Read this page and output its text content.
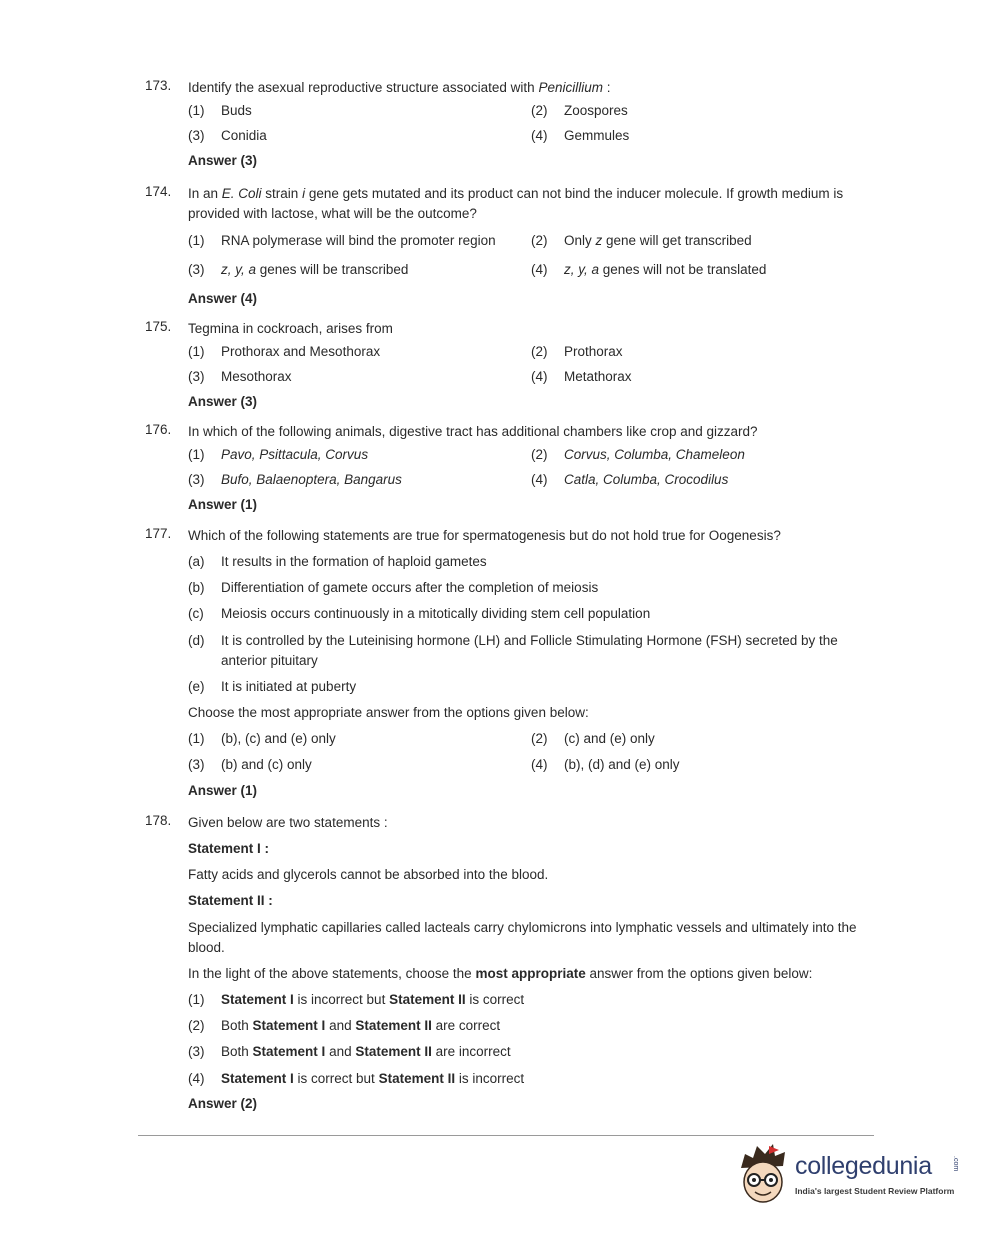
173. Identify the asexual reproductive structure associated with Penicillium :
(1) Buds	(2) Zoospores
(3) Conidia	(4) Gemmules
Answer (3)
174. In an E. Coli strain i gene gets mutated and its product can not bind the inducer molecule. If growth medium is provided with lactose, what will be the outcome?
(1) RNA polymerase will bind the promoter region	(2) Only z gene will get transcribed
(3) z, y, a genes will be transcribed	(4) z, y, a genes will not be translated
Answer (4)
175. Tegmina in cockroach, arises from
(1) Prothorax and Mesothorax	(2) Prothorax
(3) Mesothorax	(4) Metathorax
Answer (3)
176. In which of the following animals, digestive tract has additional chambers like crop and gizzard?
(1) Pavo, Psittacula, Corvus	(2) Corvus, Columba, Chameleon
(3) Bufo, Balaenoptera, Bangarus	(4) Catla, Columba, Crocodilus
Answer (1)
177. Which of the following statements are true for spermatogenesis but do not hold true for Oogenesis?
(a) It results in the formation of haploid gametes
(b) Differentiation of gamete occurs after the completion of meiosis
(c) Meiosis occurs continuously in a mitotically dividing stem cell population
(d) It is controlled by the Luteinising hormone (LH) and Follicle Stimulating Hormone (FSH) secreted by the anterior pituitary
(e) It is initiated at puberty
Choose the most appropriate answer from the options given below:
(1) (b), (c) and (e) only	(2) (c) and (e) only
(3) (b) and (c) only	(4) (b), (d) and (e) only
Answer (1)
178. Given below are two statements :
Statement I :
Fatty acids and glycerols cannot be absorbed into the blood.
Statement II :
Specialized lymphatic capillaries called lacteals carry chylomicrons into lymphatic vessels and ultimately into the blood.
In the light of the above statements, choose the most appropriate answer from the options given below:
(1) Statement I is incorrect but Statement II is correct
(2) Both Statement I and Statement II are correct
(3) Both Statement I and Statement II are incorrect
(4) Statement I is correct but Statement II is incorrect
Answer (2)
collegedunia	.com
India's largest Student Review Platform
